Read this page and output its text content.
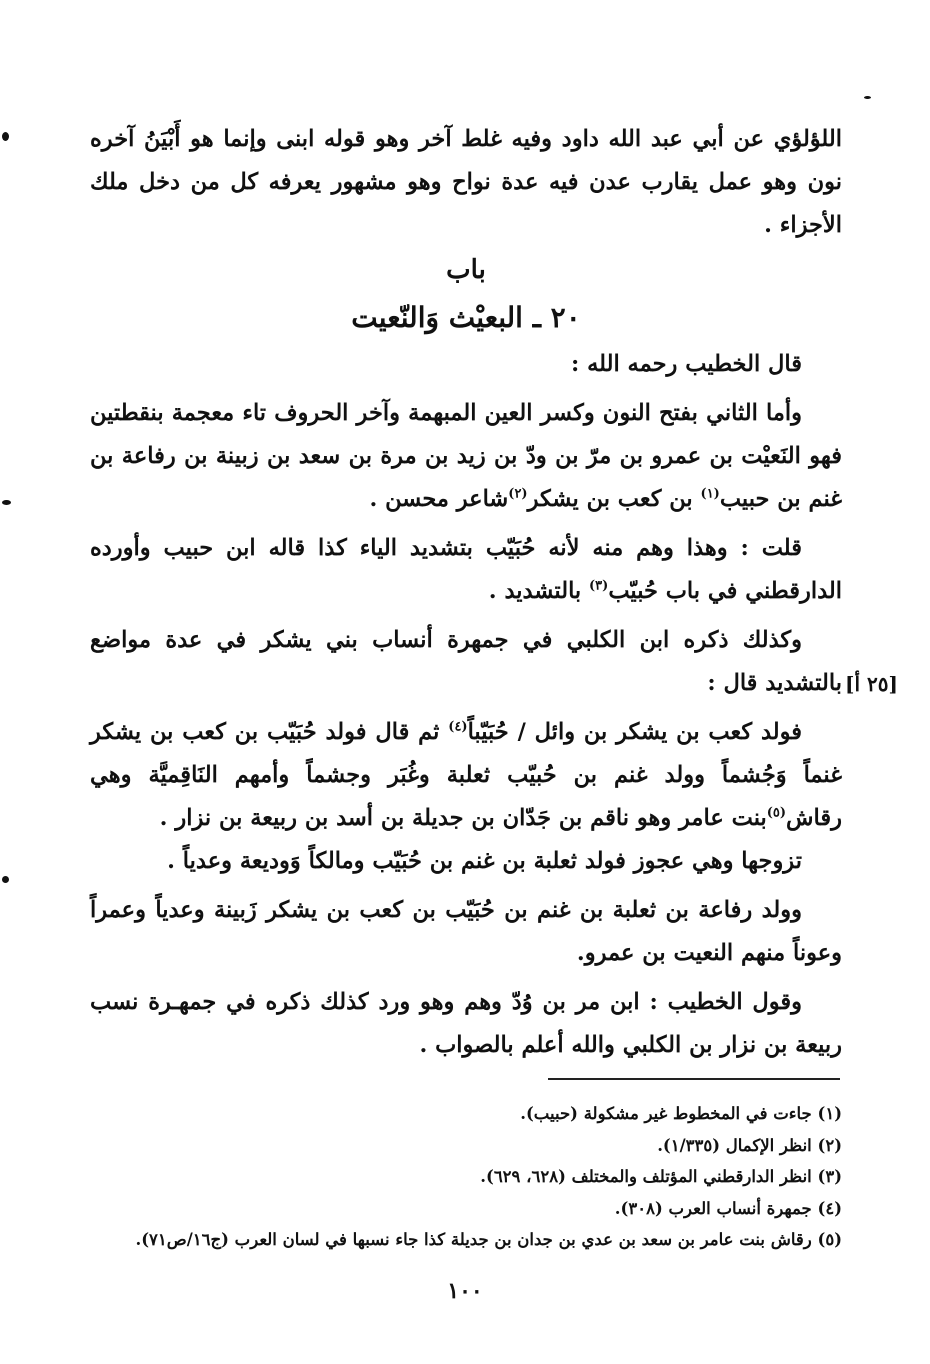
اللؤلؤي عن أبي عبد الله داود وفيه غلط آخر وهو قوله ابنى وإنما هو أَبْيَنُ آخره نون وهو عمل يقارب عدن فيه عدة نواح وهو مشهور يعرفه كل من دخل ملك الأجزاء .

باب

٢٠ ـ البعيْث وَالنّعيت

قال الخطيب رحمه الله :

وأما الثاني بفتح النون وكسر العين المبهمة وآخر الحروف تاء معجمة بنقطتين فهو النَعيْت بن عمرو بن مرّ بن ودّ بن زيد بن مرة بن سعد بن زبينة بن رفاعة بن غنم بن حبيب$^{(١)}$ بن كعب بن يشكر$^{(٢)}$شاعر محسن .

قلت : وهذا وهم منه لأنه حُبَيّب بتشديد الياء كذا قاله ابن حبيب وأورده الدارقطني في باب حُبيّب$^{(٣)}$ بالتشديد .

وكذلك ذكره ابن الكلبي في جمهرة أنساب بني يشكر في عدة مواضع بالتشديد قال :

فولد كعب بن يشكر بن وائل / حُبَيّباً$^{(٤)}$ ثم قال فولد حُبَيّب بن كعب بن يشكر غنماً وَجُشماً وولد غنم بن حُبيّب ثعلبة وغُبَر وجشماً وأمهم النَاقِميَّة وهي رقاش$^{(٥)}$بنت عامر وهو ناقم بن جَدّان بن جديلة بن أسد بن ربيعة بن نزار .

تزوجها وهي عجوز فولد ثعلبة بن غنم بن حُبَيّب ومالكاً وَوديعة وعدياً .

وولد رفاعة بن ثعلبة بن غنم بن حُبَيّب بن كعب بن يشكر زَبينة وعدياً وعمراً وعوناً منهم النعيت بن عمرو.

وقول الخطيب : ابن مر بن وُدّ وهم وهو ورد كذلك ذكره في جمهـرة نسب ربيعة بن نزار بن الكلبي والله أعلم بالصواب .

[٢٥ أ]

(١) جاءت في المخطوط غير مشكولة (حبيب).

(٢) انظر الإكمال (١/٣٣٥).

(٣) انظر الدارقطني المؤتلف والمختلف (٦٢٨، ٦٢٩).

(٤) جمهرة أنساب العرب (٣٠٨).

(٥) رقاش بنت عامر بن سعد بن عدي بن جدان بن جديلة كذا جاء نسبها في لسان العرب (ج١٦/ص٧١).

١٠٠
